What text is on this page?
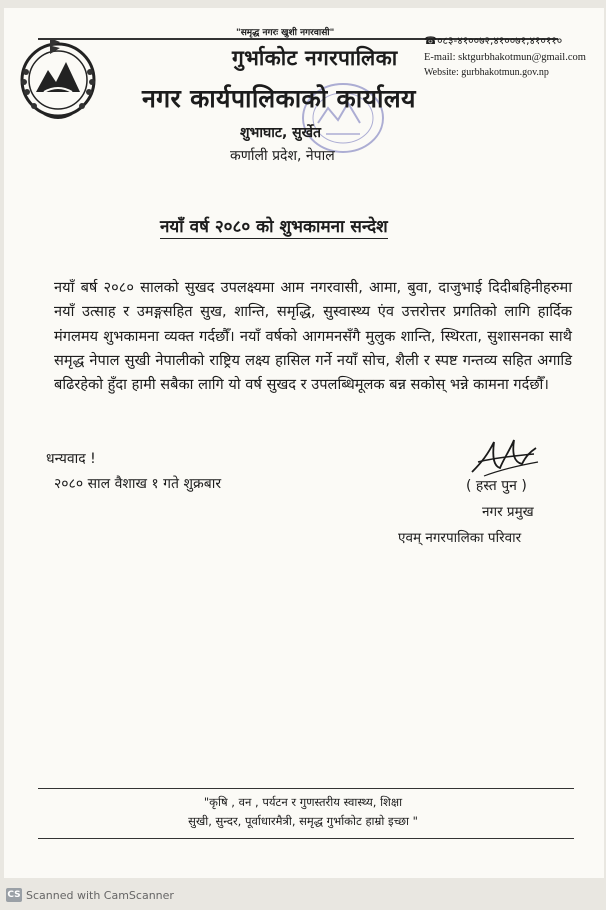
"समृद्ध नगरः खुशी नगरवासी"
गुर्भाकोट नगरपालिका
नगर कार्यपालिकाको कार्यालय
शुभाघाट, सुर्खेत
कर्णाली प्रदेश, नेपाल
☎०८३-४१००७२,४१००७१,४१०११०
E-mail: sktgurbhakotmun@gmail.com
Website: gurbhakotmun.gov.np
नयाँ वर्ष २०८० को शुभकामना सन्देश
नयाँ बर्ष २०८० सालको सुखद उपलक्ष्यमा आम नगरवासी, आमा, बुवा, दाजुभाई दिदीबहिनीहरुमा नयाँ उत्साह र उमङ्गसहित सुख, शान्ति, समृद्धि, सुस्वास्थ्य एंव उत्तरोत्तर प्रगतिको लागि हार्दिक मंगलमय शुभकामना व्यक्त गर्दछौँ। नयाँ वर्षको आगमनसँगै मुलुक शान्ति, स्थिरता, सुशासनका साथै समृद्ध नेपाल सुखी नेपालीको राष्ट्रिय लक्ष्य हासिल गर्ने नयाँ सोच, शैली र स्पष्ट गन्तव्य सहित अगाडि बढिरहेको हुँदा हामी सबैका लागि यो वर्ष सुखद र उपलब्धिमूलक बन्न सकोस् भन्ने कामना गर्दछौँ।
धन्यवाद !
२०८० साल वैशाख १ गते शुक्रबार	( हस्त पुन )
नगर प्रमुख
एवम् नगरपालिका परिवार
"कृषि , वन , पर्यटन र गुणस्तरीय स्वास्थ्य, शिक्षा
सुखी, सुन्दर, पूर्वाधारमैत्री, समृद्ध गुर्भाकोट हाम्रो इच्छा "
CS Scanned with CamScanner
